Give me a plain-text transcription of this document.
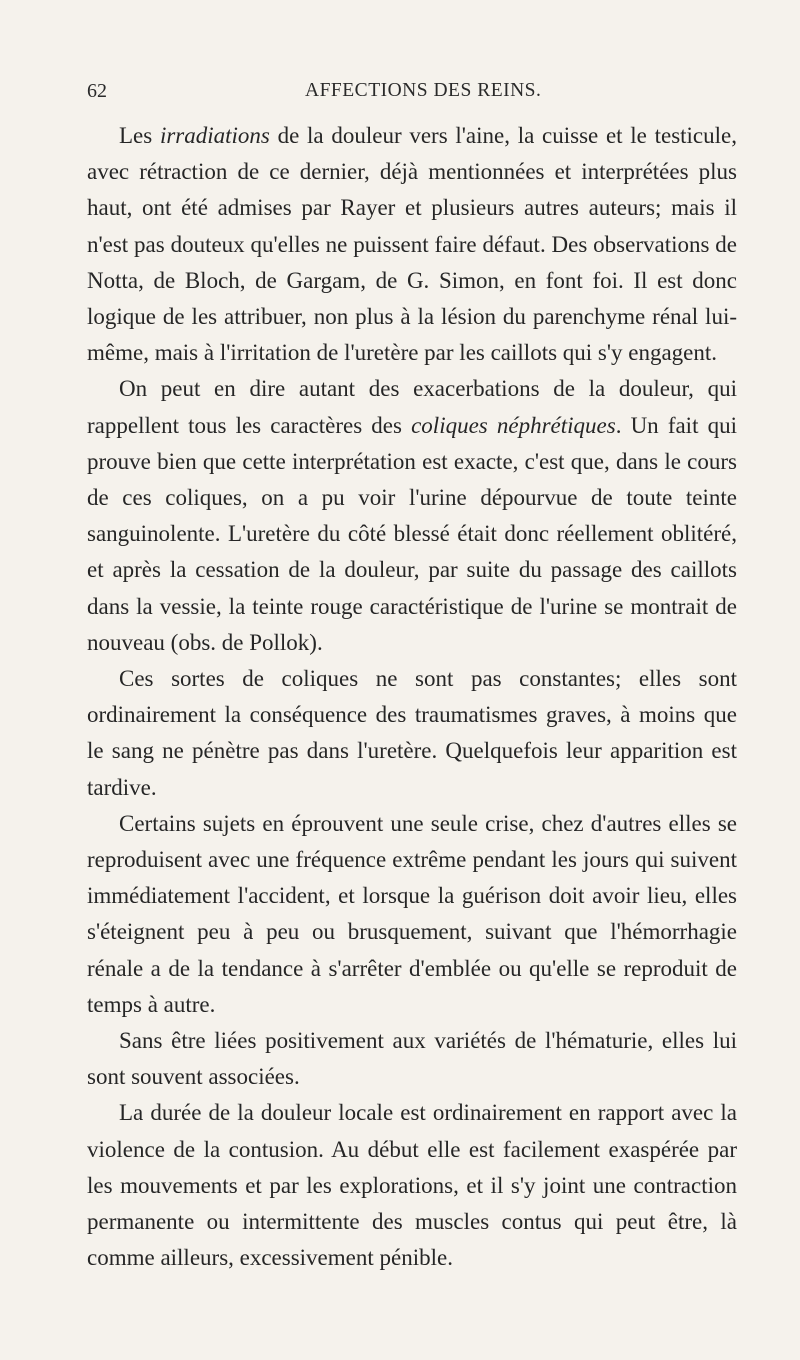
62	AFFECTIONS DES REINS.

Les irradiations de la douleur vers l'aine, la cuisse et le testicule, avec rétraction de ce dernier, déjà mentionnées et interprétées plus haut, ont été admises par Rayer et plusieurs autres auteurs; mais il n'est pas douteux qu'elles ne puissent faire défaut. Des observations de Notta, de Bloch, de Gargam, de G. Simon, en font foi. Il est donc logique de les attribuer, non plus à la lésion du parenchyme rénal lui-même, mais à l'irritation de l'uretère par les caillots qui s'y engagent.

On peut en dire autant des exacerbations de la douleur, qui rappellent tous les caractères des coliques néphrétiques. Un fait qui prouve bien que cette interprétation est exacte, c'est que, dans le cours de ces coliques, on a pu voir l'urine dépourvue de toute teinte sanguinolente. L'uretère du côté blessé était donc réellement oblitéré, et après la cessation de la douleur, par suite du passage des caillots dans la vessie, la teinte rouge caractéristique de l'urine se montrait de nouveau (obs. de Pollok).

Ces sortes de coliques ne sont pas constantes; elles sont ordinairement la conséquence des traumatismes graves, à moins que le sang ne pénètre pas dans l'uretère. Quelquefois leur apparition est tardive.

Certains sujets en éprouvent une seule crise, chez d'autres elles se reproduisent avec une fréquence extrême pendant les jours qui suivent immédiatement l'accident, et lorsque la guérison doit avoir lieu, elles s'éteignent peu à peu ou brusquement, suivant que l'hémorrhagie rénale a de la tendance à s'arrêter d'emblée ou qu'elle se reproduit de temps à autre.

Sans être liées positivement aux variétés de l'hématurie, elles lui sont souvent associées.

La durée de la douleur locale est ordinairement en rapport avec la violence de la contusion. Au début elle est facilement exaspérée par les mouvements et par les explorations, et il s'y joint une contraction permanente ou intermittente des muscles contus qui peut être, là comme ailleurs, excessivement pénible.
